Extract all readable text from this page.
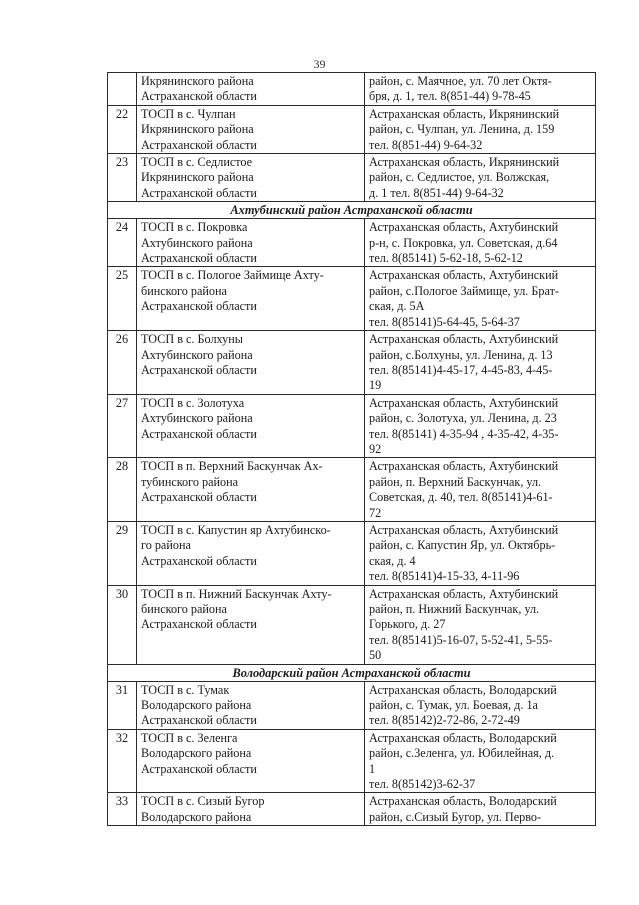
39
	Икрянинского района
Астраханской области	район, с. Маячное, ул. 70 лет Октя-
бря, д. 1, тел. 8(851-44) 9-78-45
22	ТОСП в с. Чулпан
Икрянинского района
Астраханской области	Астраханская область, Икрянинский
район, с. Чулпан, ул. Ленина, д. 159
тел. 8(851-44) 9-64-32
23	ТОСП в с. Седлистое
Икрянинского района
Астраханской области	Астраханская область, Икрянинский
район, с. Седлистое, ул. Волжская,
д. 1 тел. 8(851-44) 9-64-32
Ахтубинский район Астраханской области		
24	ТОСП в с. Покровка
Ахтубинского района
Астраханской области	Астраханская область, Ахтубинский
р-н, с. Покровка, ул. Советская, д.64
тел. 8(85141) 5-62-18, 5-62-12
25	ТОСП в с. Пологое Займище Ахту-
бинского района
Астраханской области	Астраханская область, Ахтубинский
район, с.Пологое Займище, ул. Брат-
ская, д. 5А
тел. 8(85141)5-64-45, 5-64-37
26	ТОСП в с. Болхуны
Ахтубинского района
Астраханской области	Астраханская область, Ахтубинский
район, с.Болхуны, ул. Ленина, д. 13
тел. 8(85141)4-45-17, 4-45-83, 4-45-
19
27	ТОСП в с. Золотуха
Ахтубинского района
Астраханской области	Астраханская область, Ахтубинский
район, с. Золотуха, ул. Ленина, д. 23
тел. 8(85141) 4-35-94 , 4-35-42, 4-35-
92
28	ТОСП в п. Верхний Баскунчак Ах-
тубинского района
Астраханской области	Астраханская область, Ахтубинский
район, п. Верхний Баскунчак, ул.
Советская, д. 40, тел. 8(85141)4-61-
72
29	ТОСП в с. Капустин яр Ахтубинско-
го района
Астраханской области	Астраханская область, Ахтубинский
район, с. Капустин Яр, ул. Октябрь-
ская, д. 4
тел. 8(85141)4-15-33, 4-11-96
30	ТОСП в п. Нижний Баскунчак Ахту-
бинского района
Астраханской области	Астраханская область, Ахтубинский
район, п. Нижний Баскунчак, ул.
Горького, д. 27
тел. 8(85141)5-16-07, 5-52-41, 5-55-
50
Володарский район Астраханской области		
31	ТОСП в с. Тумак
Володарского района
Астраханской области	Астраханская область, Володарский
район, с. Тумак, ул. Боевая, д. 1а
тел. 8(85142)2-72-86, 2-72-49
32	ТОСП в с. Зеленга
Володарского района
Астраханской области	Астраханская область, Володарский
район, с.Зеленга, ул. Юбилейная, д.
1
тел. 8(85142)3-62-37
33	ТОСП в с. Сизый Бугор
Володарского района	Астраханская область, Володарский
район, с.Сизый Бугор, ул. Перво-
